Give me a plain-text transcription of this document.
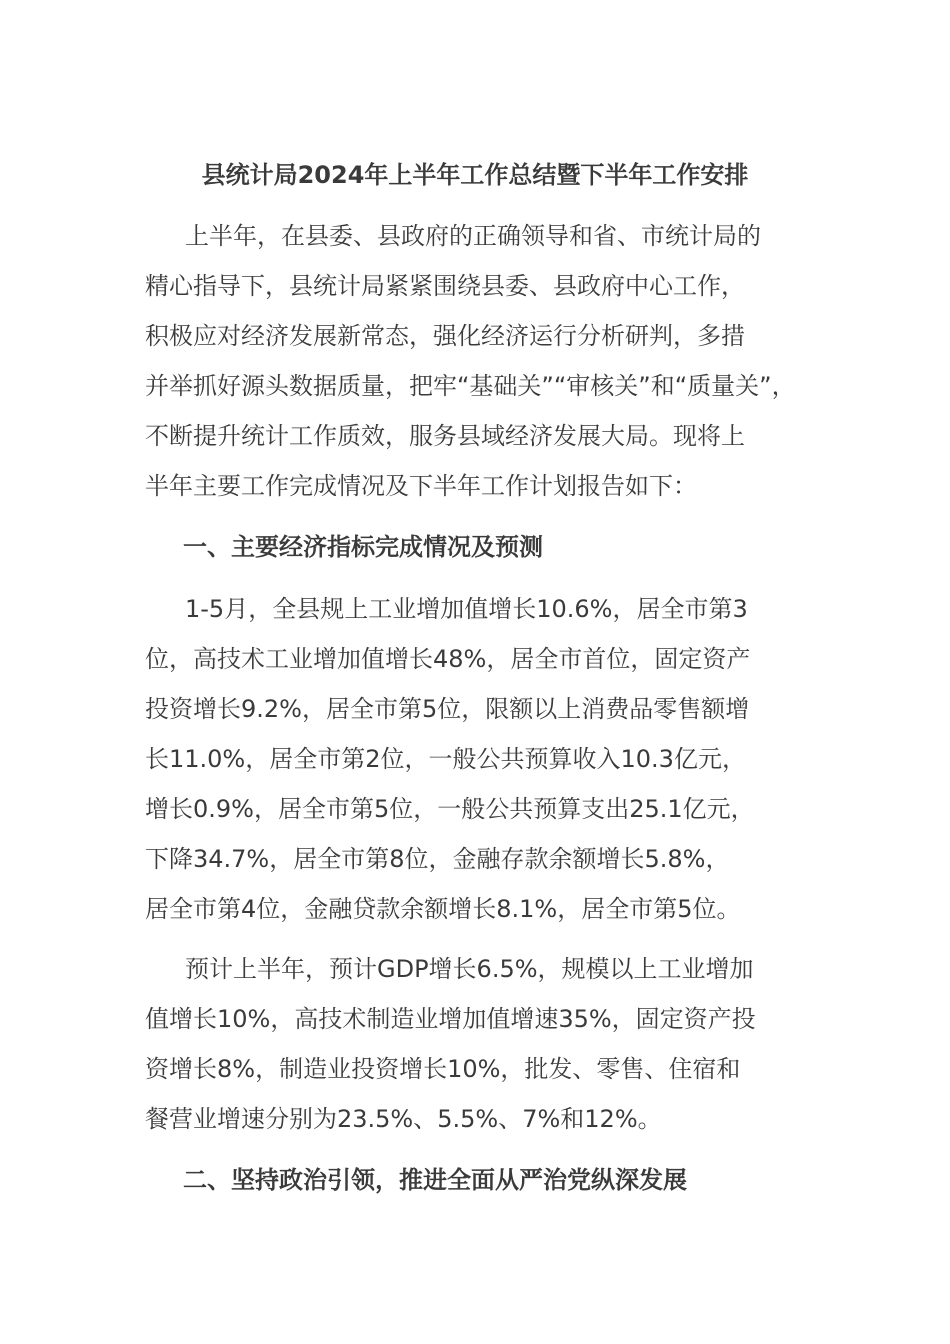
县统计局2024年上半年工作总结暨下半年工作安排

上半年，在县委、县政府的正确领导和省、市统计局的
精心指导下，县统计局紧紧围绕县委、县政府中心工作，
积极应对经济发展新常态，强化经济运行分析研判，多措
并举抓好源头数据质量，把牢“基础关”“审核关”和“质量关”，
不断提升统计工作质效，服务县域经济发展大局。现将上
半年主要工作完成情况及下半年工作计划报告如下：

一、主要经济指标完成情况及预测

1-5月，全县规上工业增加值增长10.6%，居全市第3
位，高技术工业增加值增长48%，居全市首位，固定资产
投资增长9.2%，居全市第5位，限额以上消费品零售额增
长11.0%，居全市第2位，一般公共预算收入10.3亿元，
增长0.9%，居全市第5位，一般公共预算支出25.1亿元，
下降34.7%，居全市第8位，金融存款余额增长5.8%，
居全市第4位，金融贷款余额增长8.1%，居全市第5位。

预计上半年，预计GDP增长6.5%，规模以上工业增加
值增长10%，高技术制造业增加值增速35%，固定资产投
资增长8%，制造业投资增长10%，批发、零售、住宿和
餐营业增速分别为23.5%、5.5%、7%和12%。

二、坚持政治引领，推进全面从严治党纵深发展
